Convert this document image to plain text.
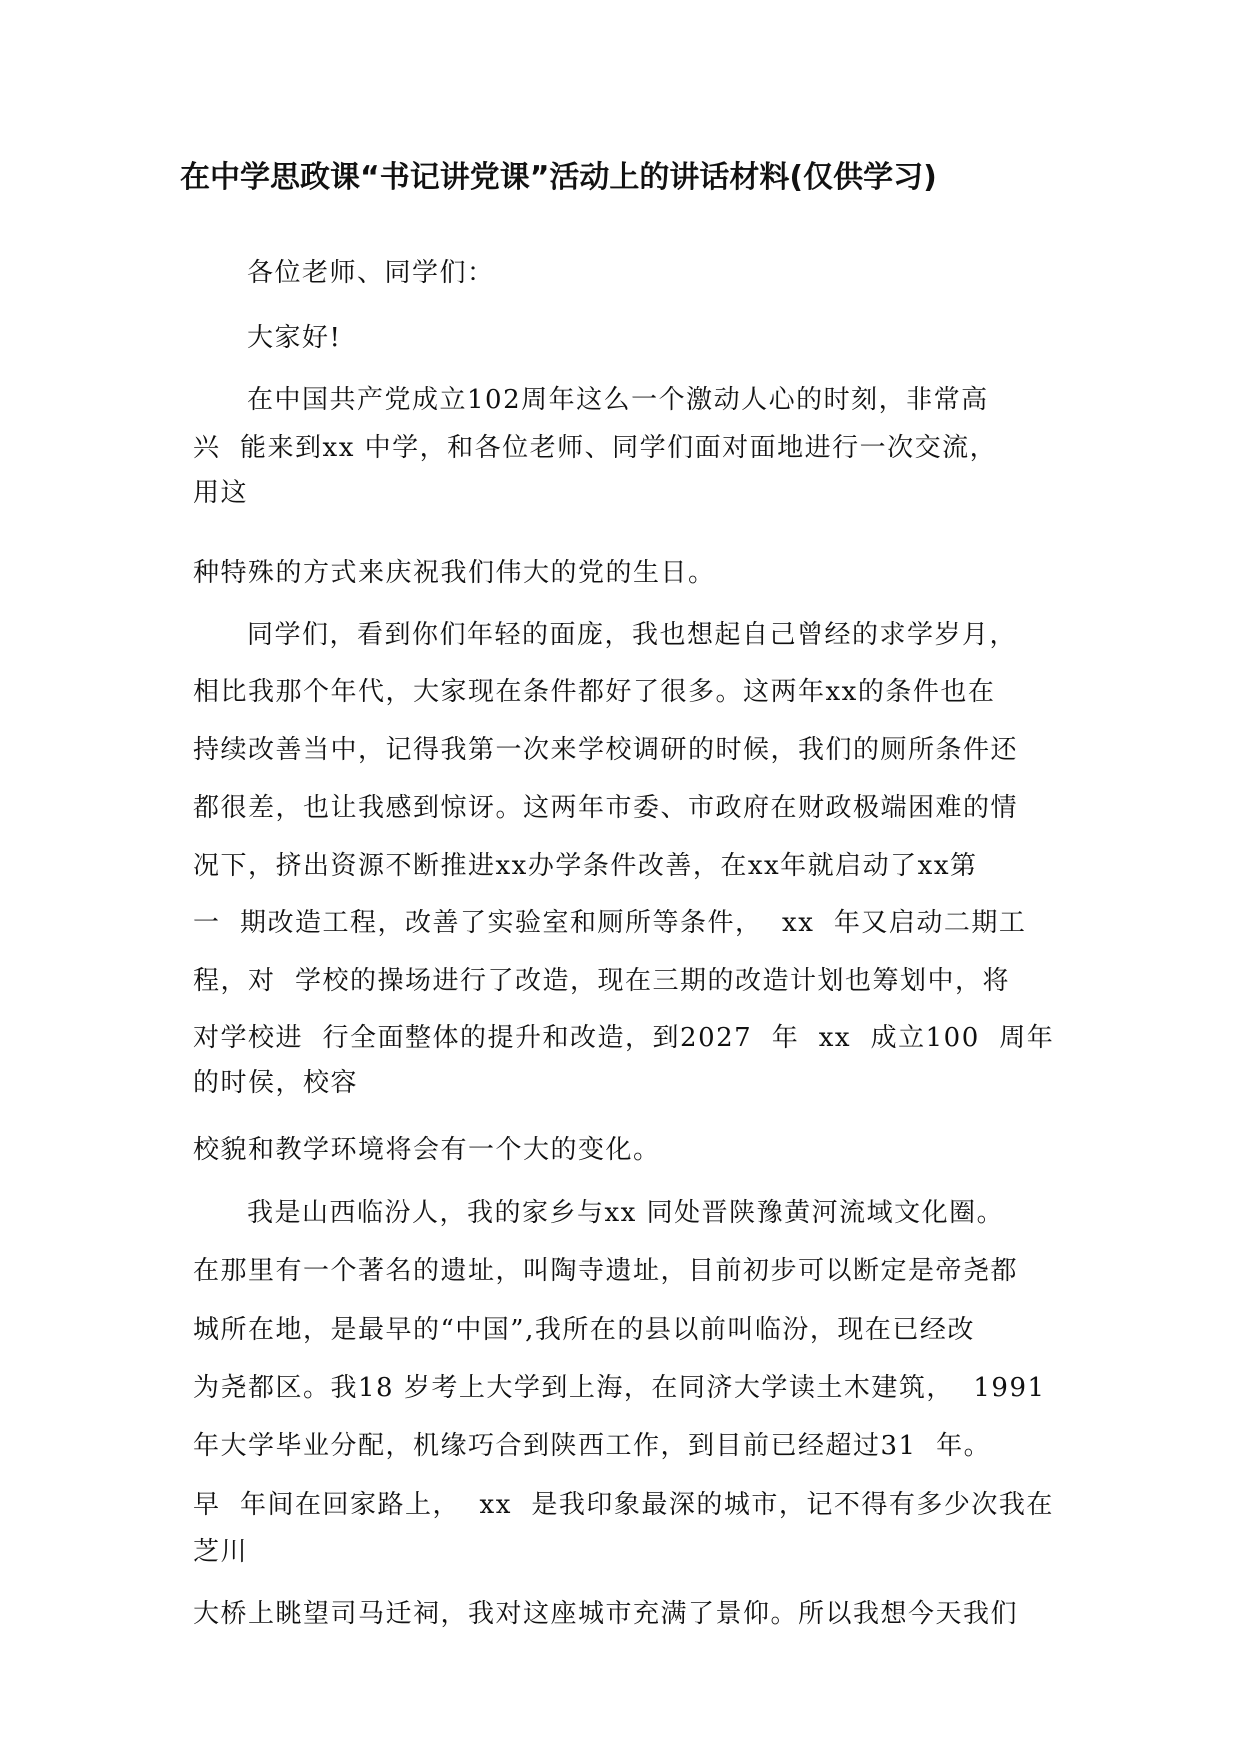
在中学思政课“书记讲党课”活动上的讲话材料(仅供学习)
各位老师、同学们：
大家好!
在中国共产党成立102周年这么一个激动人心的时刻，非常高
兴  能来到xx 中学，和各位老师、同学们面对面地进行一次交流，
用这
种特殊的方式来庆祝我们伟大的党的生日。
同学们，看到你们年轻的面庞，我也想起自己曾经的求学岁月，
相比我那个年代，大家现在条件都好了很多。这两年xx的条件也在
持续改善当中，记得我第一次来学校调研的时候，我们的厕所条件还
都很差，也让我感到惊讶。这两年市委、市政府在财政极端困难的情
况下，挤出资源不断推进xx办学条件改善，在xx年就启动了xx第
一  期改造工程，改善了实验室和厕所等条件，  xx  年又启动二期工
程，对  学校的操场进行了改造，现在三期的改造计划也筹划中，将
对学校进  行全面整体的提升和改造，到2027  年  xx  成立100  周年
的时侯，校容
校貌和教学环境将会有一个大的变化。
我是山西临汾人，我的家乡与xx 同处晋陕豫黄河流域文化圈。
在那里有一个著名的遗址，叫陶寺遗址，目前初步可以断定是帝尧都
城所在地，是最早的“中国”,我所在的县以前叫临汾，现在已经改
为尧都区。我18 岁考上大学到上海，在同济大学读土木建筑，  1991
年大学毕业分配，机缘巧合到陕西工作，到目前已经超过31  年。
早  年间在回家路上，  xx  是我印象最深的城市，记不得有多少次我在
芝川
大桥上眺望司马迁祠，我对这座城市充满了景仰。所以我想今天我们
